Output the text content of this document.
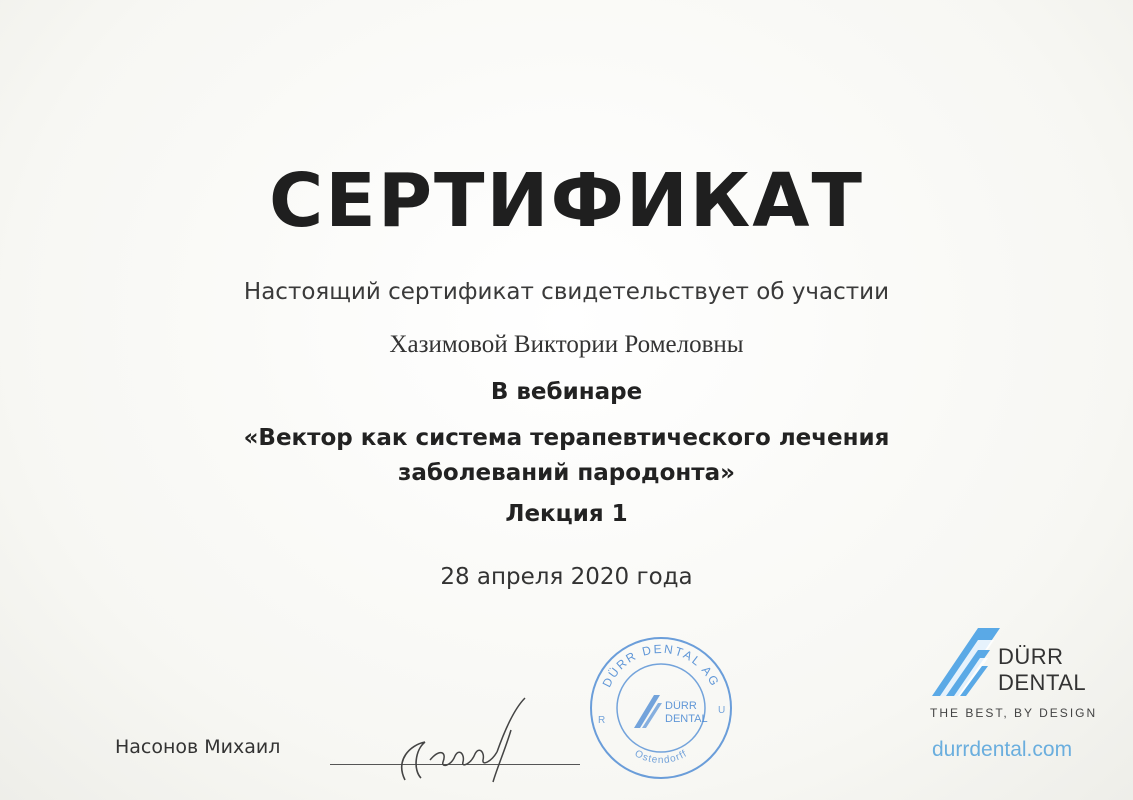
СЕРТИФИКАТ
Настоящий сертификат свидетельствует об участии
Хазимовой Виктории Ромеловны
В вебинаре
«Вектор как система терапевтического лечения
заболеваний пародонта»
Лекция 1
28 апреля 2020 года
Насонов Михаил
DÜRR DENTAL AG
Ostendorff
DÜRR
DENTAL
R
U
DÜRR
DENTAL
THE BEST, BY DESIGN
durrdental.com
